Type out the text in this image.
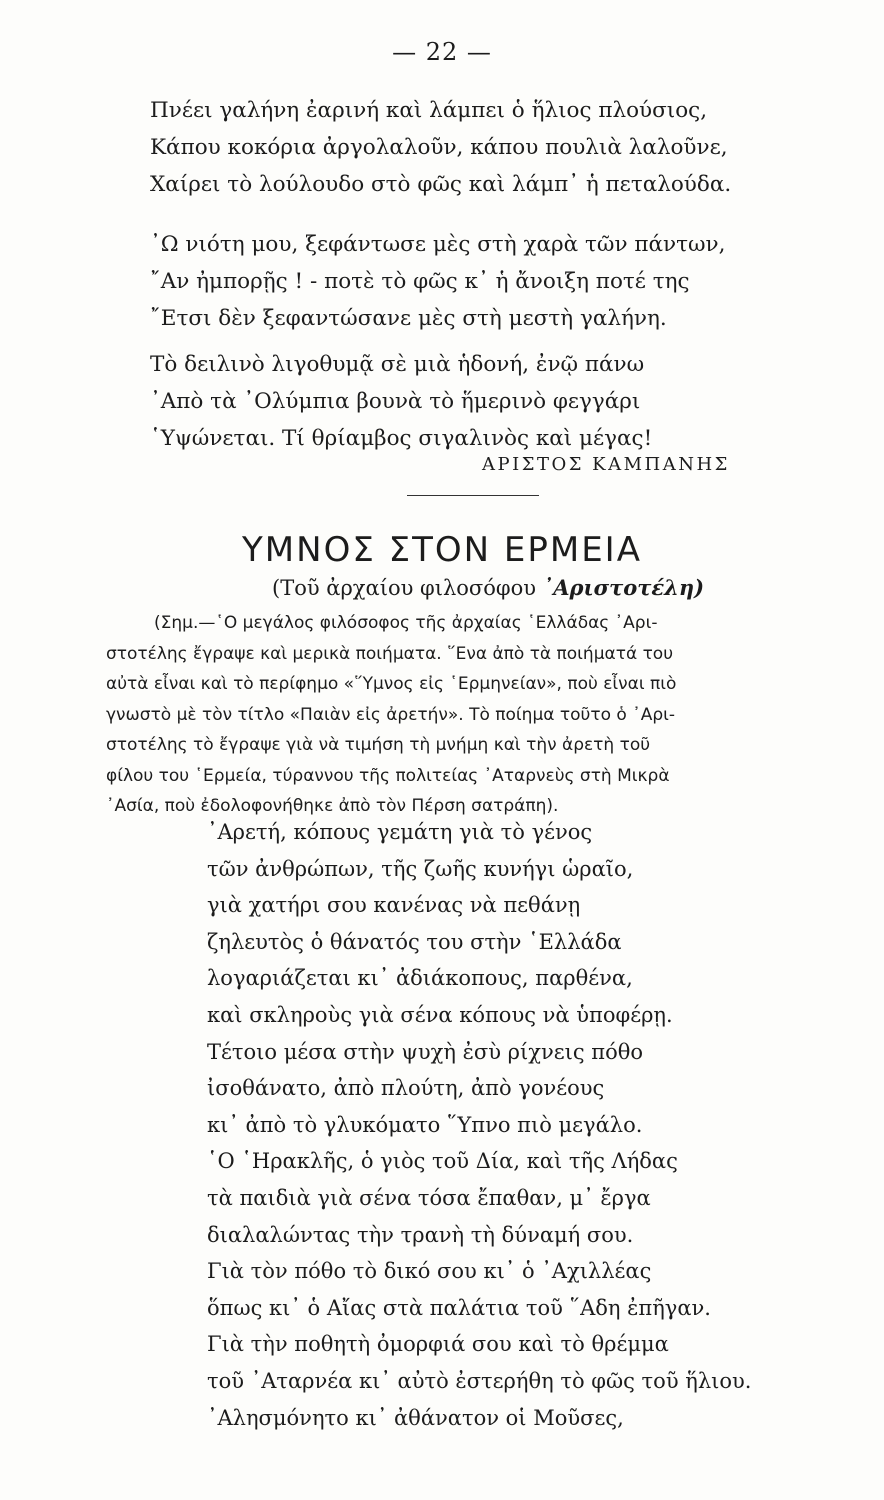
— 22 —
Πνέει γαλήνη ἐαρινή καὶ λάμπει ὁ ἥλιος πλούσιος,
Κάπου κοκόρια ἀργολαλοῦν, κάπου πουλιὰ λαλοῦνε,
Χαίρει τὸ λούλουδο στὸ φῶς καὶ λάμπ᾽ ἡ πεταλούδα.
᾽Ω νιότη μου, ξεφάντωσε μὲς στὴ χαρὰ τῶν πάντων,
῎Αν ἠμπορῇς ! - ποτὲ τὸ φῶς κ᾽ ἡ ἄνοιξη ποτέ της
῎Ετσι δὲν ξεφαντώσανε μὲς στὴ μεστὴ γαλήνη.
Τὸ δειλινὸ λιγοθυμᾷ σὲ μιὰ ἡδονή, ἐνῷ πάνω
᾽Απὸ τὰ ᾽Ολύμπια βουνὰ τὸ ἥμερινὸ φεγγάρι
῾Υψώνεται. Τί θρίαμβος σιγαλινὸς καὶ μέγας!
ΑΡΙΣΤΟΣ ΚΑΜΠΑΝΗΣ
ΥΜΝΟΣ ΣΤΟΝ ΕΡΜΕΙΑ
(Τοῦ ἀρχαίου φιλοσόφου ᾽Αριστοτέλη)
(Σημ.—῾Ο μεγάλος φιλόσοφος τῆς ἀρχαίας ῾Ελλάδας ᾽Αρι-
στοτέλης ἔγραψε καὶ μερικὰ ποιήματα. ῞Ενα ἀπὸ τὰ ποιήματά του
αὐτὰ εἶναι καὶ τὸ περίφημο «῞Υμνος εἰς ῾Ερμηνείαν», ποὺ εἶναι πιὸ
γνωστὸ μὲ τὸν τίτλο «Παιὰν εἰς ἀρετήν». Τὸ ποίημα τοῦτο ὁ ᾽Αρι-
στοτέλης τὸ ἔγραψε γιὰ νὰ τιμήση τὴ μνήμη καὶ τὴν ἀρετὴ τοῦ
φίλου του ῾Ερμεία, τύραννου τῆς πολιτείας ᾽Αταρνεὺς στὴ Μικρὰ
᾽Ασία, ποὺ ἐδολοφονήθηκε ἀπὸ τὸν Πέρση σατράπη).
᾽Αρετή, κόπους γεμάτη γιὰ τὸ γένος
τῶν ἀνθρώπων, τῆς ζωῆς κυνήγι ὡραῖο,
γιὰ χατήρι σου κανένας νὰ πεθάνῃ
ζηλευτὸς ὁ θάνατός του στὴν ῾Ελλάδα
λογαριάζεται κι᾽ ἀδιάκοπους, παρθένα,
καὶ σκληροὺς γιὰ σένα κόπους νὰ ὑποφέρῃ.
Τέτοιο μέσα στὴν ψυχὴ ἐσὺ ρίχνεις πόθο
ἰσοθάνατο, ἀπὸ πλούτη, ἀπὸ γονέους
κι᾽ ἀπὸ τὸ γλυκόματο ῞Υπνο πιὸ μεγάλο.
῾Ο ῾Ηρακλῆς, ὁ γιὸς τοῦ Δία, καὶ τῆς Λήδας
τὰ παιδιὰ γιὰ σένα τόσα ἔπαθαν, μ᾽ ἔργα
διαλαλώντας τὴν τρανὴ τὴ δύναμή σου.
Γιὰ τὸν πόθο τὸ δικό σου κι᾽ ὁ ᾽Αχιλλέας
ὅπως κι᾽ ὁ Αἴας στὰ παλάτια τοῦ ῞Αδη ἐπῆγαν.
Γιὰ τὴν ποθητὴ ὀμορφιά σου καὶ τὸ θρέμμα
τοῦ ᾽Αταρνέα κι᾽ αὐτὸ ἐστερήθη τὸ φῶς τοῦ ἥλιου.
᾽Αλησμόνητο κι᾽ ἀθάνατον οἱ Μοῦσες,
